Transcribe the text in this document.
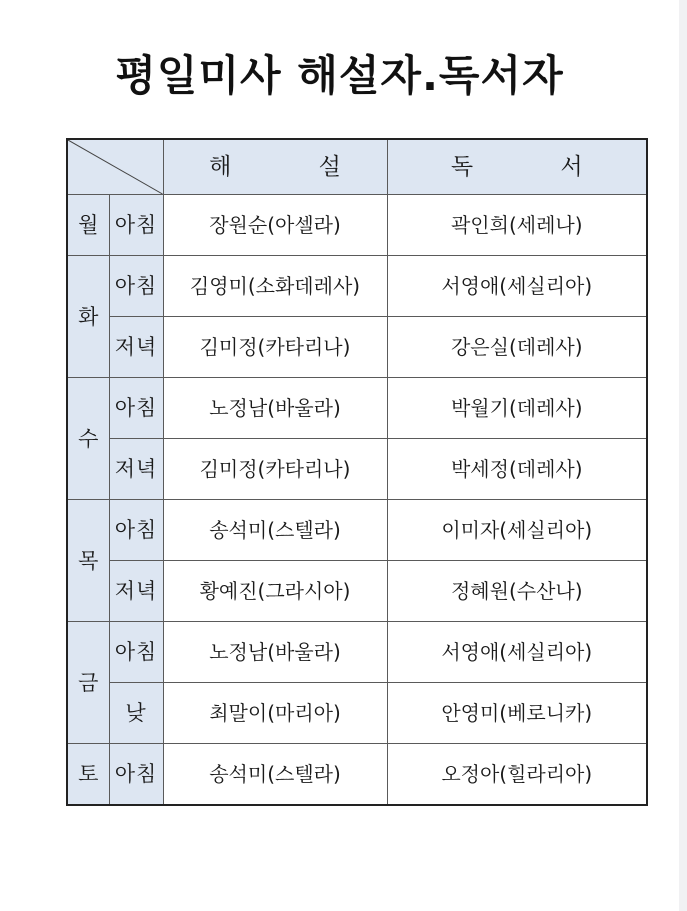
평일미사 해설자.독서자
	해 설	독 서
월	아침	장원순(아셀라)	곽인희(세레나)
화	아침	김영미(소화데레사)	서영애(세실리아)
	저녁	김미정(카타리나)	강은실(데레사)
수	아침	노정남(바울라)	박월기(데레사)
	저녁	김미정(카타리나)	박세정(데레사)
목	아침	송석미(스텔라)	이미자(세실리아)
	저녁	황예진(그라시아)	정혜원(수산나)
금	아침	노정남(바울라)	서영애(세실리아)
	낮	최말이(마리아)	안영미(베로니카)
토	아침	송석미(스텔라)	오정아(힐라리아)
